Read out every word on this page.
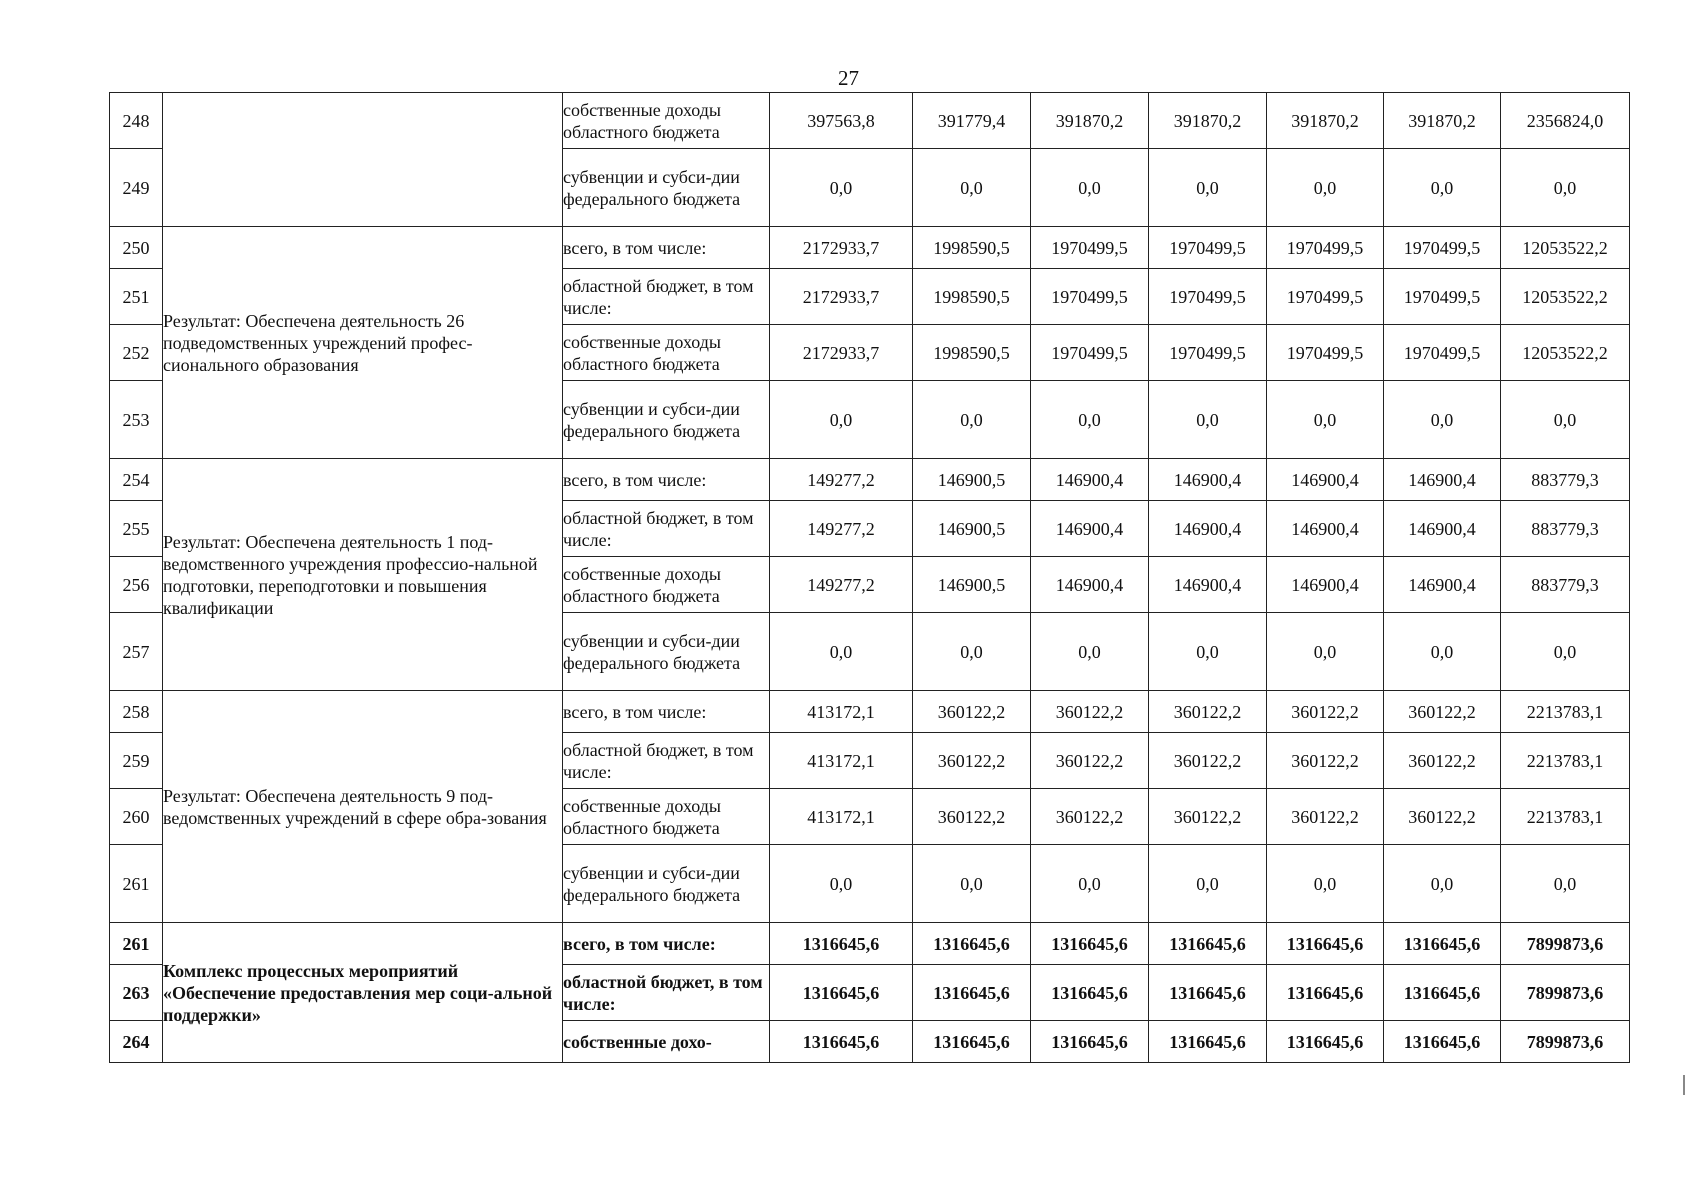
27
248		собственные доходы областного бюджета	397563,8	391779,4	391870,2	391870,2	391870,2	391870,2	2356824,0
249		субвенции и субси-дии федерального бюджета	0,0	0,0	0,0	0,0	0,0	0,0	0,0
250	Результат: Обеспечена деятельность 26 подведомственных учреждений профес-сионального образования	всего, в том числе:	2172933,7	1998590,5	1970499,5	1970499,5	1970499,5	1970499,5	12053522,2
251		областной бюджет, в том числе:	2172933,7	1998590,5	1970499,5	1970499,5	1970499,5	1970499,5	12053522,2
252		собственные доходы областного бюджета	2172933,7	1998590,5	1970499,5	1970499,5	1970499,5	1970499,5	12053522,2
253		субвенции и субси-дии федерального бюджета	0,0	0,0	0,0	0,0	0,0	0,0	0,0
254	Результат: Обеспечена деятельность 1 под-ведомственного учреждения профессио-нальной подготовки, переподготовки и повышения квалификации	всего, в том числе:	149277,2	146900,5	146900,4	146900,4	146900,4	146900,4	883779,3
255		областной бюджет, в том числе:	149277,2	146900,5	146900,4	146900,4	146900,4	146900,4	883779,3
256		собственные доходы областного бюджета	149277,2	146900,5	146900,4	146900,4	146900,4	146900,4	883779,3
257		субвенции и субси-дии федерального бюджета	0,0	0,0	0,0	0,0	0,0	0,0	0,0
258	Результат: Обеспечена деятельность 9 под-ведомственных учреждений в сфере обра-зования	всего, в том числе:	413172,1	360122,2	360122,2	360122,2	360122,2	360122,2	2213783,1
259		областной бюджет, в том числе:	413172,1	360122,2	360122,2	360122,2	360122,2	360122,2	2213783,1
260		собственные доходы областного бюджета	413172,1	360122,2	360122,2	360122,2	360122,2	360122,2	2213783,1
261		субвенции и субси-дии федерального бюджета	0,0	0,0	0,0	0,0	0,0	0,0	0,0
261	Комплекс процессных мероприятий «Обеспечение предоставления мер соци-альной поддержки»	всего, в том числе:	1316645,6	1316645,6	1316645,6	1316645,6	1316645,6	1316645,6	7899873,6
263		областной бюджет, в том числе:	1316645,6	1316645,6	1316645,6	1316645,6	1316645,6	1316645,6	7899873,6
264		собственные дохо-	1316645,6	1316645,6	1316645,6	1316645,6	1316645,6	1316645,6	7899873,6
